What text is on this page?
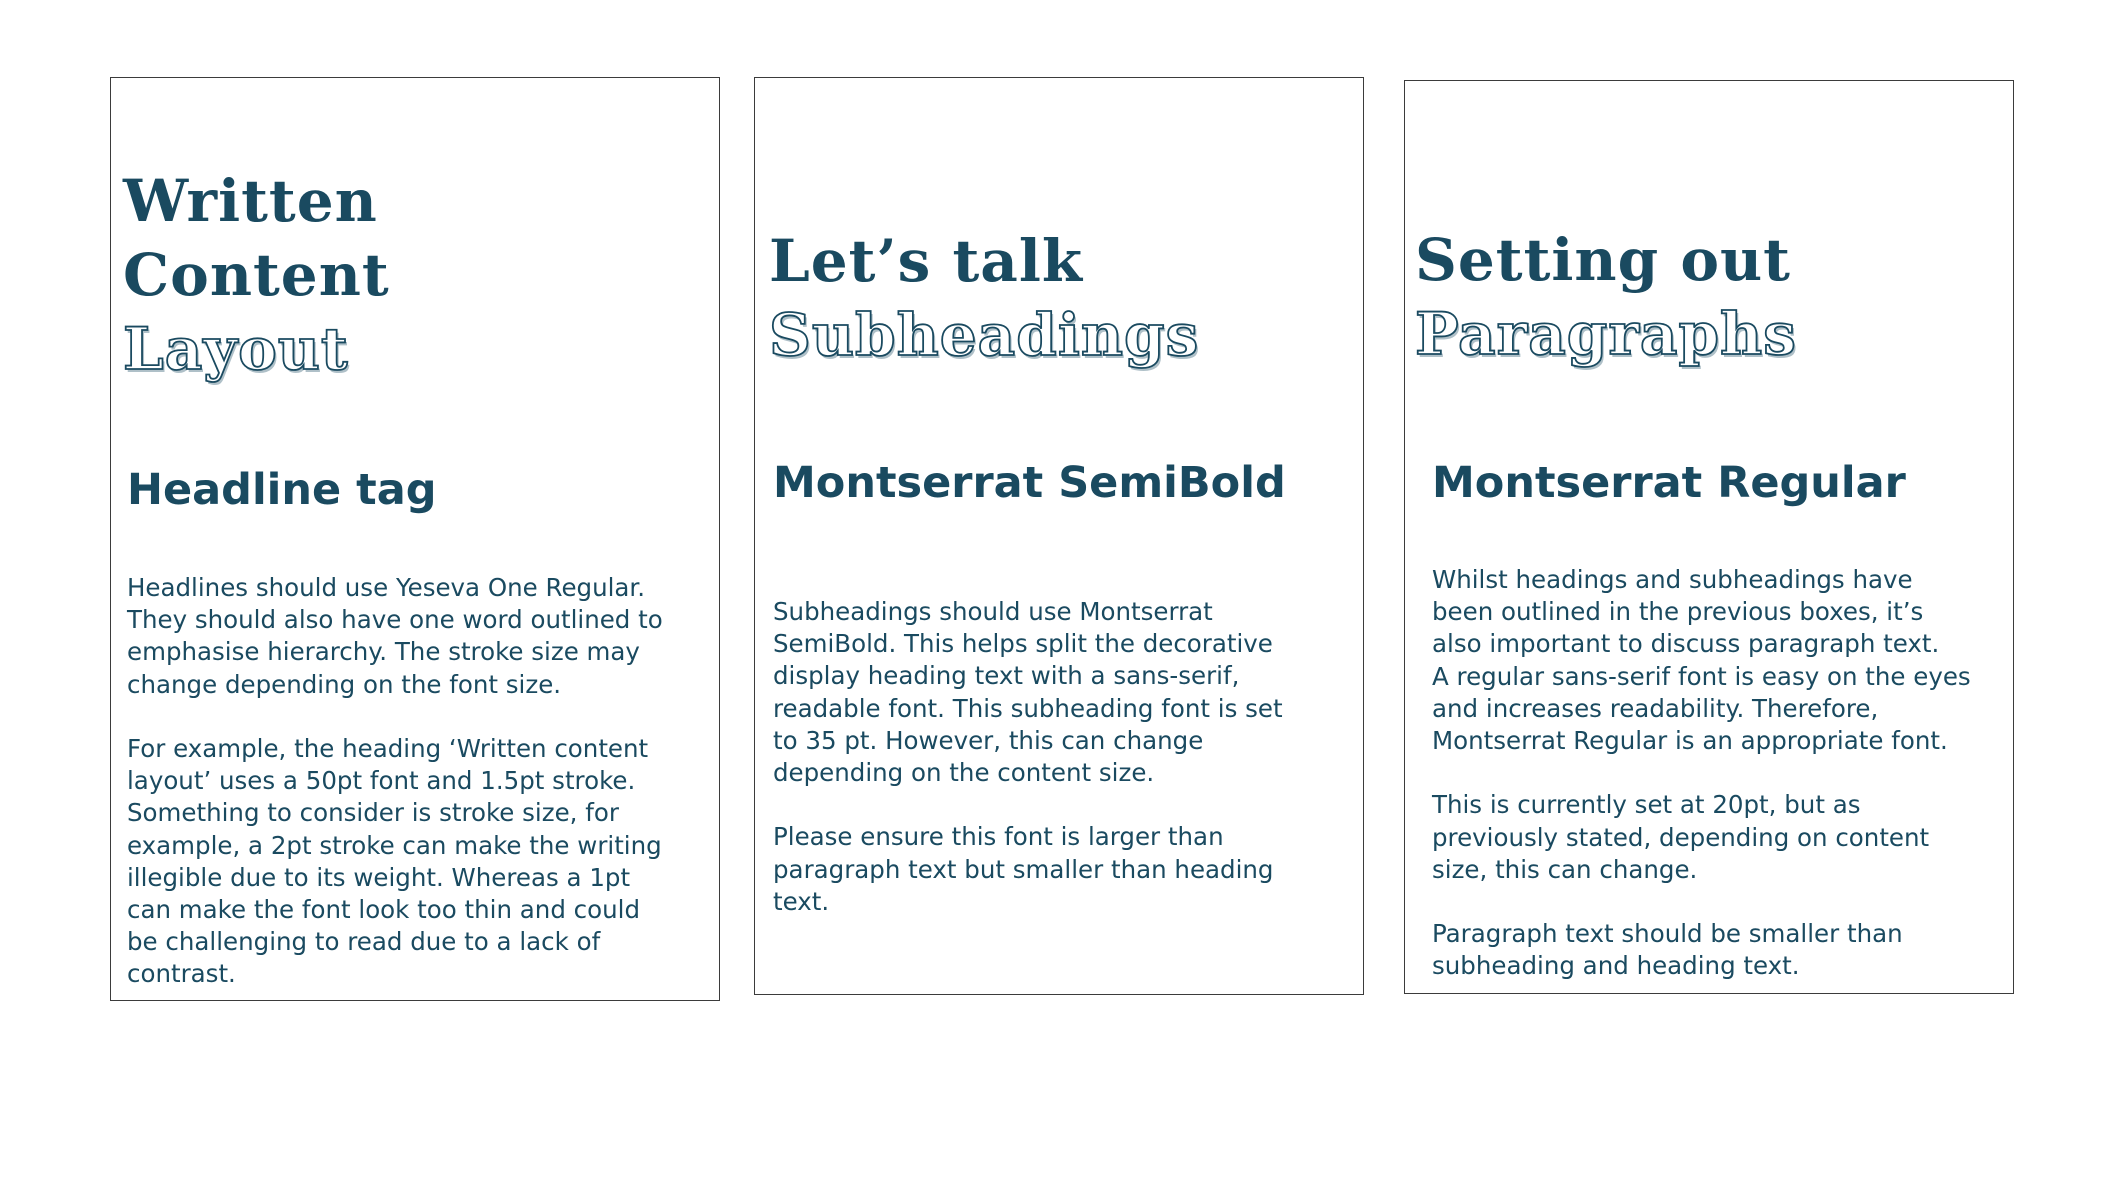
Written
Content
Layout
Headline tag

Headlines should use Yeseva One Regular.
They should also have one word outlined to
emphasise hierarchy. The stroke size may
change depending on the font size.

For example, the heading ‘Written content
layout’ uses a 50pt font and 1.5pt stroke.
Something to consider is stroke size, for
example, a 2pt stroke can make the writing
illegible due to its weight. Whereas a 1pt
can make the font look too thin and could
be challenging to read due to a lack of
contrast.

Let’s talk
Subheadings
Montserrat SemiBold

Subheadings should use Montserrat
SemiBold. This helps split the decorative
display heading text with a sans-serif,
readable font. This subheading font is set
to 35 pt. However, this can change
depending on the content size.

Please ensure this font is larger than
paragraph text but smaller than heading
text.

Setting out
Paragraphs
Montserrat Regular

Whilst headings and subheadings have
been outlined in the previous boxes, it’s
also important to discuss paragraph text.
A regular sans-serif font is easy on the eyes
and increases readability. Therefore,
Montserrat Regular is an appropriate font.

This is currently set at 20pt, but as
previously stated, depending on content
size, this can change.

Paragraph text should be smaller than
subheading and heading text.
